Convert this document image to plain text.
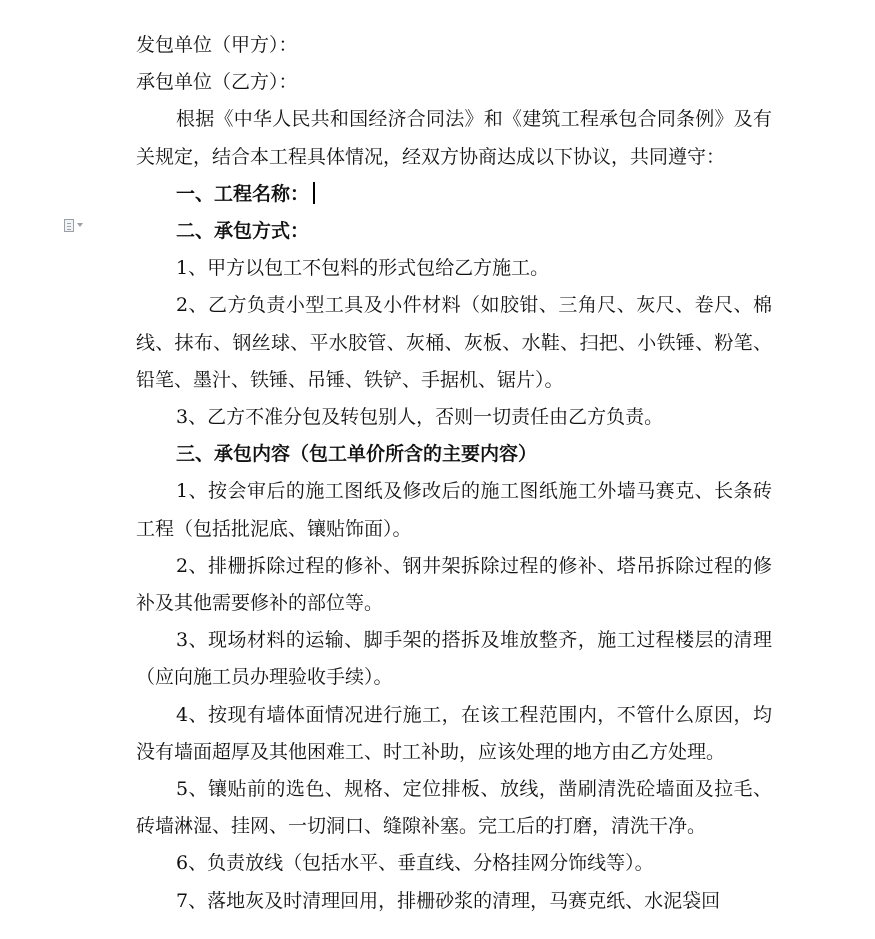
发包单位（甲方）：

承包单位（乙方）：

根据《中华人民共和国经济合同法》和《建筑工程承包合同条例》及有关规定，结合本工程具体情况，经双方协商达成以下协议，共同遵守：

一、工程名称：

二、承包方式：

1、甲方以包工不包料的形式包给乙方施工。

2、乙方负责小型工具及小件材料（如胶钳、三角尺、灰尺、卷尺、棉线、抹布、钢丝球、平水胶管、灰桶、灰板、水鞋、扫把、小铁锤、粉笔、铅笔、墨汁、铁锤、吊锤、铁铲、手据机、锯片）。

3、乙方不准分包及转包别人，否则一切责任由乙方负责。

三、承包内容（包工单价所含的主要内容）

1、按会审后的施工图纸及修改后的施工图纸施工外墙马赛克、长条砖工程（包括批泥底、镶贴饰面）。

2、排栅拆除过程的修补、钢井架拆除过程的修补、塔吊拆除过程的修补及其他需要修补的部位等。

3、现场材料的运输、脚手架的搭拆及堆放整齐，施工过程楼层的清理（应向施工员办理验收手续）。

4、按现有墙体面情况进行施工，在该工程范围内，不管什么原因，均没有墙面超厚及其他困难工、时工补助，应该处理的地方由乙方处理。

5、镶贴前的选色、规格、定位排板、放线，凿刷清洗砼墙面及拉毛、砖墙淋湿、挂网、一切洞口、缝隙补塞。完工后的打磨，清洗干净。

6、负责放线（包括水平、垂直线、分格挂网分饰线等）。

7、落地灰及时清理回用，排栅砂浆的清理，马赛克纸、水泥袋回
